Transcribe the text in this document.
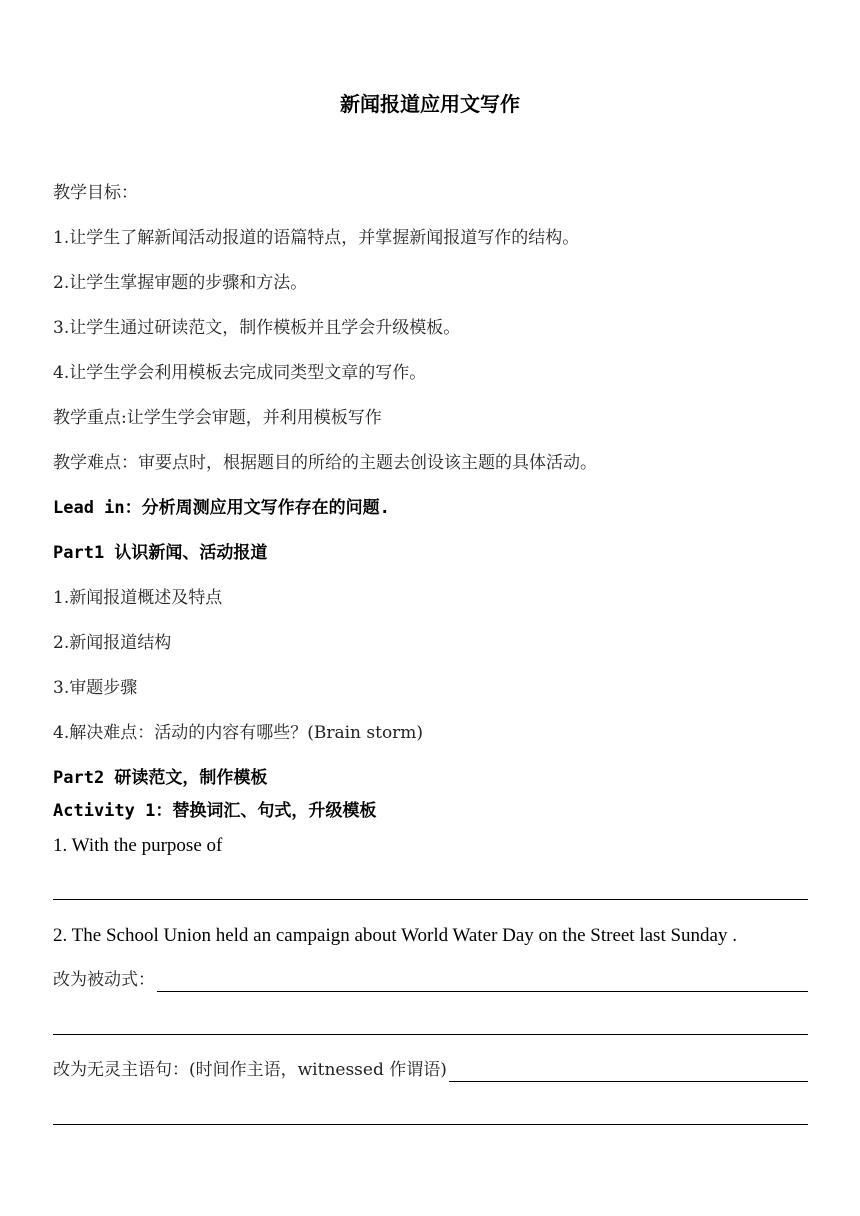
新闻报道应用文写作
教学目标：
1.让学生了解新闻活动报道的语篇特点，并掌握新闻报道写作的结构。
2.让学生掌握审题的步骤和方法。
3.让学生通过研读范文，制作模板并且学会升级模板。
4.让学生学会利用模板去完成同类型文章的写作。
教学重点:让学生学会审题，并利用模板写作
教学难点：审要点时，根据题目的所给的主题去创设该主题的具体活动。
Lead in：分析周测应用文写作存在的问题.
Part1 认识新闻、活动报道
1.新闻报道概述及特点
2.新闻报道结构
3.审题步骤
4.解决难点：活动的内容有哪些？(Brain storm)
Part2 研读范文，制作模板
Activity 1：替换词汇、句式，升级模板
1. With the purpose of
2. The School Union held an campaign about World Water Day on the Street last Sunday .
改为被动式：
改为无灵主语句：(时间作主语，witnessed 作谓语)
